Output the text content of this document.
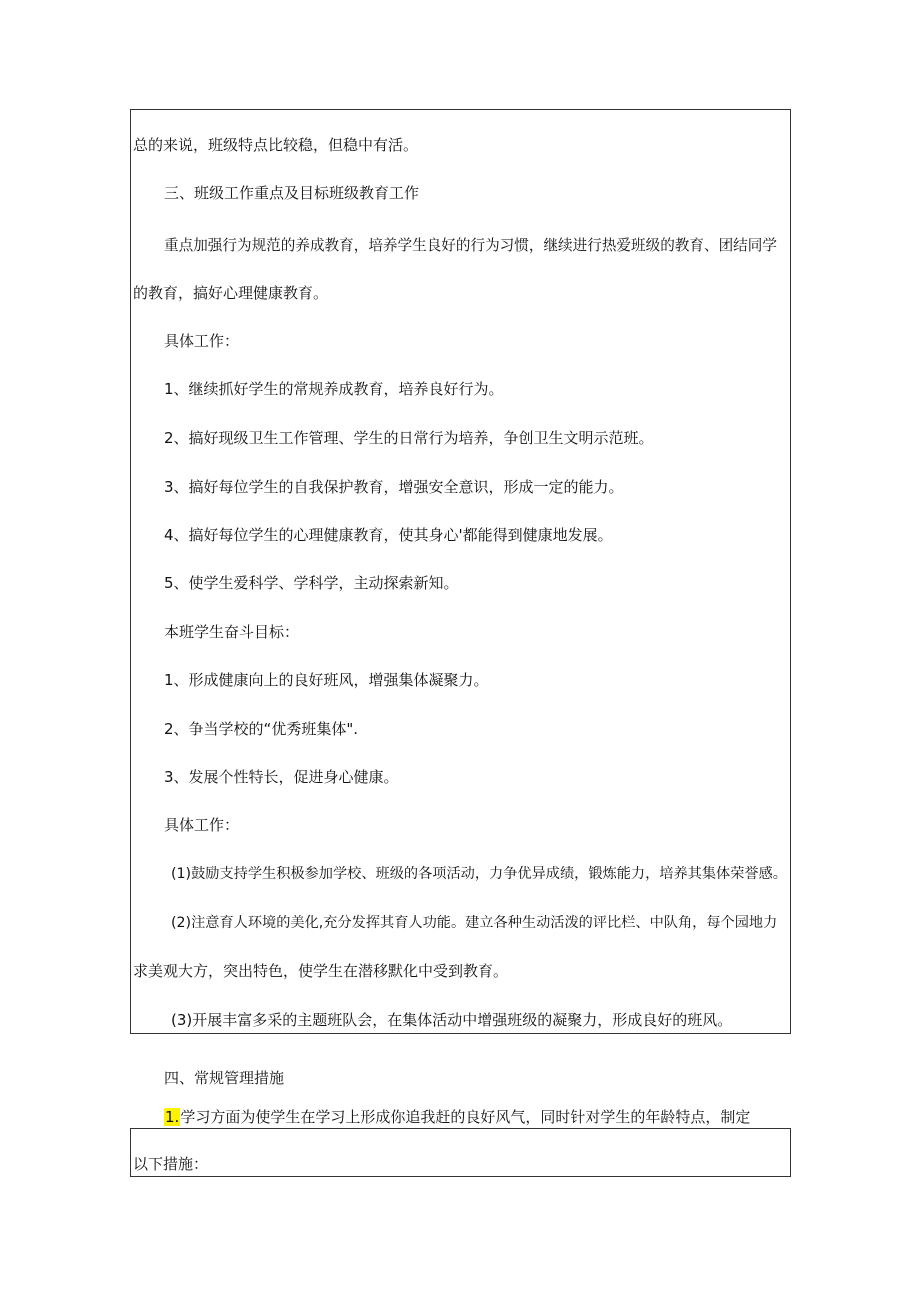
总的来说，班级特点比较稳，但稳中有活。
三、班级工作重点及目标班级教育工作
重点加强行为规范的养成教育，培养学生良好的行为习惯，继续进行热爱班级的教育、团结同学
的教育，搞好心理健康教育。
具体工作：
1、继续抓好学生的常规养成教育，培养良好行为。
2、搞好现级卫生工作管理、学生的日常行为培养，争创卫生文明示范班。
3、搞好每位学生的自我保护教育，增强安全意识，形成一定的能力。
4、搞好每位学生的心理健康教育，使其身心'都能得到健康地发展。
5、使学生爱科学、学科学，主动探索新知。
本班学生奋斗目标：
1、形成健康向上的良好班风，增强集体凝聚力。
2、争当学校的“优秀班集体".
3、发展个性特长，促进身心健康。
具体工作：
(1)鼓励支持学生积极参加学校、班级的各项活动，力争优异成绩，锻炼能力，培养其集体荣誉感。
(2)注意育人环境的美化,充分发挥其育人功能。建立各种生动活泼的评比栏、中队角，每个园地力
求美观大方，突出特色，使学生在潜移默化中受到教育。
(3)开展丰富多采的主题班队会，在集体活动中增强班级的凝聚力，形成良好的班风。
四、常规管理措施
1.学习方面为使学生在学习上形成你追我赶的良好风气，同时针对学生的年龄特点，制定
以下措施：
